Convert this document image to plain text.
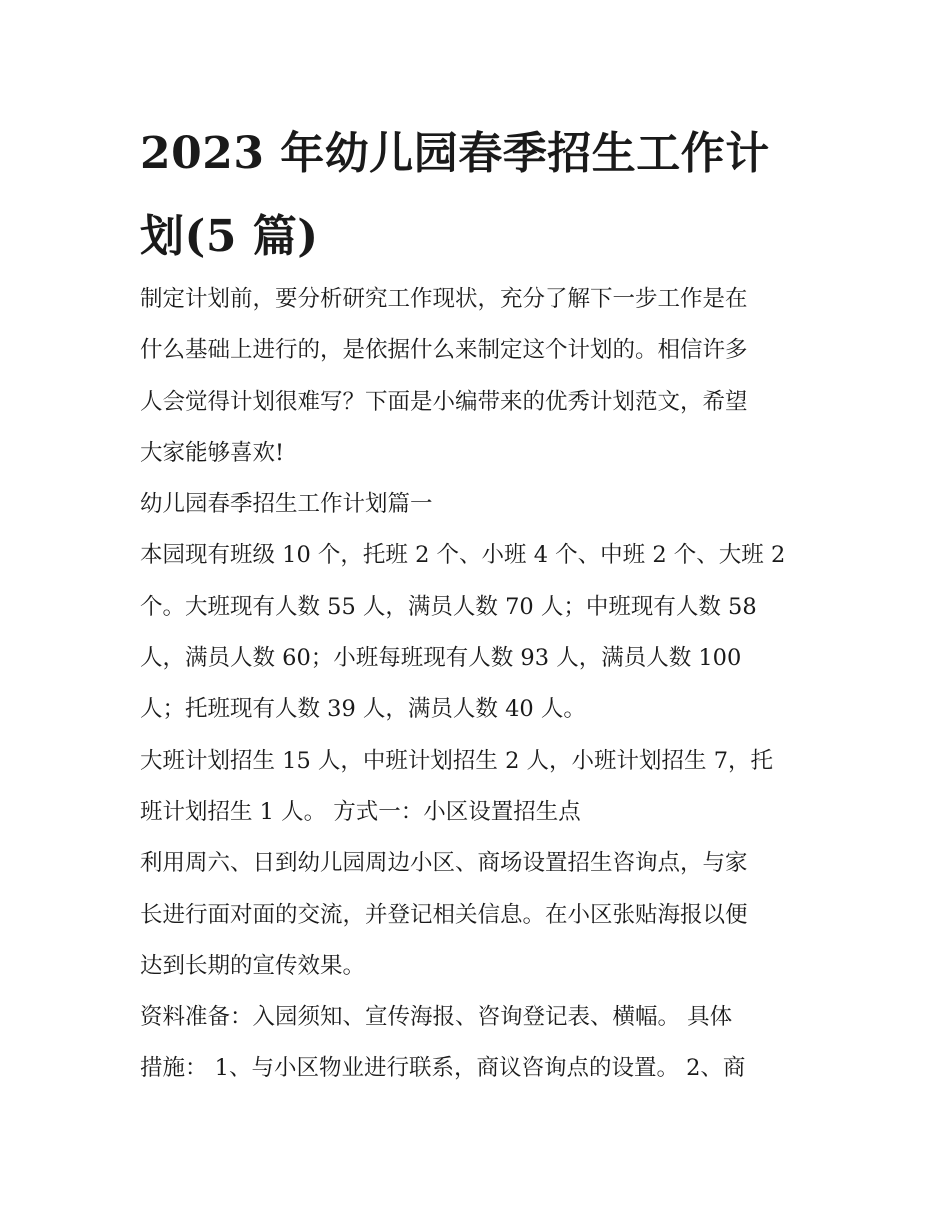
2023 年幼儿园春季招生工作计
划(5 篇)
制定计划前，要分析研究工作现状，充分了解下一步工作是在
什么基础上进行的，是依据什么来制定这个计划的。相信许多
人会觉得计划很难写？下面是小编带来的优秀计划范文，希望
大家能够喜欢!
幼儿园春季招生工作计划篇一
本园现有班级 10 个，托班 2 个、小班 4 个、中班 2 个、大班 2
个。大班现有人数 55 人，满员人数 70 人；中班现有人数 58
人，满员人数 60；小班每班现有人数 93 人，满员人数 100
人；托班现有人数 39 人，满员人数 40 人。
大班计划招生 15 人，中班计划招生 2 人，小班计划招生 7，托
班计划招生 1 人。 方式一：小区设置招生点
利用周六、日到幼儿园周边小区、商场设置招生咨询点，与家
长进行面对面的交流，并登记相关信息。在小区张贴海报以便
达到长期的宣传效果。
资料准备：入园须知、宣传海报、咨询登记表、横幅。 具体
措施： 1、与小区物业进行联系，商议咨询点的设置。 2、商
